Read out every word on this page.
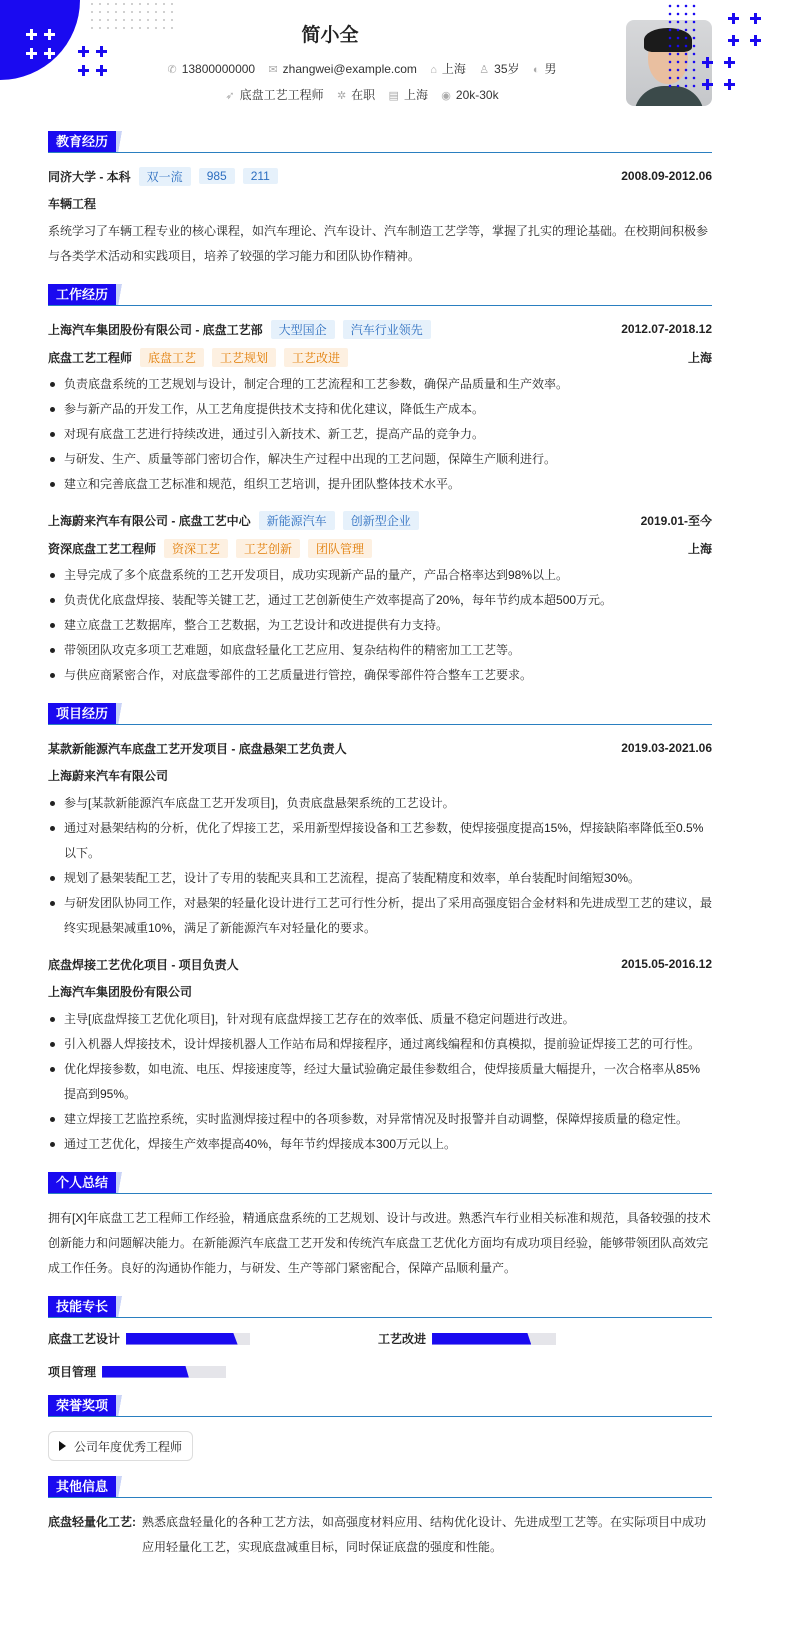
简小全
✆ 13800000000 ✉ zhangwei@example.com ⌂ 上海 ♙ 35岁 ◐ 男
➶ 底盘工艺工程师 ✲ 在职 ▤ 上海 ◉ 20k-30k
教育经历
同济大学 - 本科	双一流	985	211	2008.09-2012.06
车辆工程

系统学习了车辆工程专业的核心课程，如汽车理论、汽车设计、汽车制造工艺学等，掌握了扎实的理论基础。在校期间积极参与各类学术活动和实践项目，培养了较强的学习能力和团队协作精神。

工作经历
上海汽车集团股份有限公司 - 底盘工艺部	大型国企	汽车行业领先	2012.07-2018.12
底盘工艺工程师	底盘工艺	工艺规划	工艺改进	上海
负责底盘系统的工艺规划与设计，制定合理的工艺流程和工艺参数，确保产品质量和生产效率。
参与新产品的开发工作，从工艺角度提供技术支持和优化建议，降低生产成本。
对现有底盘工艺进行持续改进，通过引入新技术、新工艺，提高产品的竞争力。
与研发、生产、质量等部门密切合作，解决生产过程中出现的工艺问题，保障生产顺利进行。
建立和完善底盘工艺标准和规范，组织工艺培训，提升团队整体技术水平。
上海蔚来汽车有限公司 - 底盘工艺中心	新能源汽车	创新型企业	2019.01-至今
资深底盘工艺工程师	资深工艺	工艺创新	团队管理	上海
主导完成了多个底盘系统的工艺开发项目，成功实现新产品的量产，产品合格率达到98%以上。
负责优化底盘焊接、装配等关键工艺，通过工艺创新使生产效率提高了20%，每年节约成本超500万元。
建立底盘工艺数据库，整合工艺数据，为工艺设计和改进提供有力支持。
带领团队攻克多项工艺难题，如底盘轻量化工艺应用、复杂结构件的精密加工工艺等。
与供应商紧密合作，对底盘零部件的工艺质量进行管控，确保零部件符合整车工艺要求。
项目经历
某款新能源汽车底盘工艺开发项目 - 底盘悬架工艺负责人	2019.03-2021.06
上海蔚来汽车有限公司
参与[某款新能源汽车底盘工艺开发项目]，负责底盘悬架系统的工艺设计。
通过对悬架结构的分析，优化了焊接工艺，采用新型焊接设备和工艺参数，使焊接强度提高15%，焊接缺陷率降低至0.5%以下。
规划了悬架装配工艺，设计了专用的装配夹具和工艺流程，提高了装配精度和效率，单台装配时间缩短30%。
与研发团队协同工作，对悬架的轻量化设计进行工艺可行性分析，提出了采用高强度铝合金材料和先进成型工艺的建议，最终实现悬架减重10%，满足了新能源汽车对轻量化的要求。
底盘焊接工艺优化项目 - 项目负责人	2015.05-2016.12
上海汽车集团股份有限公司
主导[底盘焊接工艺优化项目]，针对现有底盘焊接工艺存在的效率低、质量不稳定问题进行改进。
引入机器人焊接技术，设计焊接机器人工作站布局和焊接程序，通过离线编程和仿真模拟，提前验证焊接工艺的可行性。
优化焊接参数，如电流、电压、焊接速度等，经过大量试验确定最佳参数组合，使焊接质量大幅提升，一次合格率从85%提高到95%。
建立焊接工艺监控系统，实时监测焊接过程中的各项参数，对异常情况及时报警并自动调整，保障焊接质量的稳定性。
通过工艺优化，焊接生产效率提高40%，每年节约焊接成本300万元以上。
个人总结

拥有[X]年底盘工艺工程师工作经验，精通底盘系统的工艺规划、设计与改进。熟悉汽车行业相关标准和规范，具备较强的技术创新能力和问题解决能力。在新能源汽车底盘工艺开发和传统汽车底盘工艺优化方面均有成功项目经验，能够带领团队高效完成工作任务。良好的沟通协作能力，与研发、生产等部门紧密配合，保障产品顺利量产。

技能专长
底盘工艺设计	工艺改进
项目管理
荣誉奖项
公司年度优秀工程师
其他信息
底盘轻量化工艺: 熟悉底盘轻量化的各种工艺方法，如高强度材料应用、结构优化设计、先进成型工艺等。在实际项目中成功应用轻量化工艺，实现底盘减重目标，同时保证底盘的强度和性能。
